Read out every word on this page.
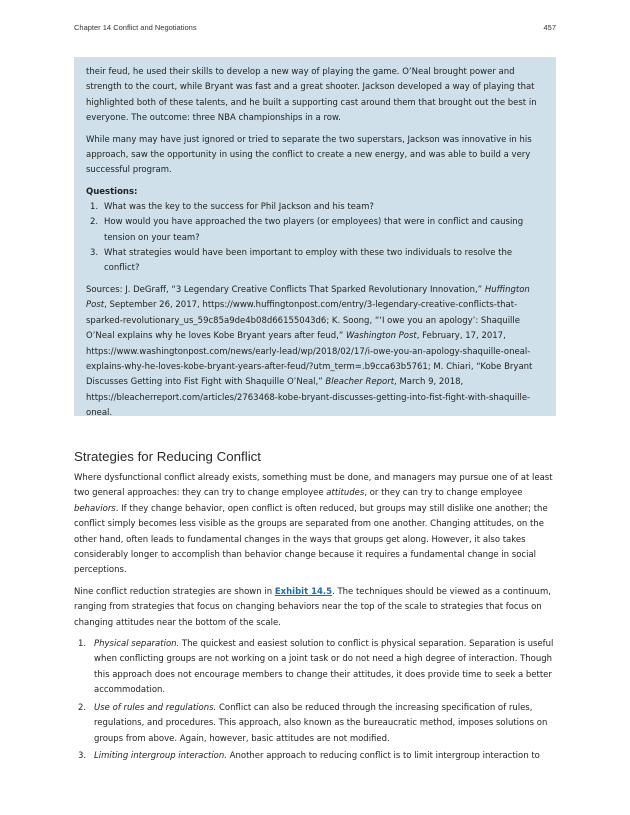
Chapter 14 Conflict and Negotiations	457

their feud, he used their skills to develop a new way of playing the game. O’Neal brought power and strength to the court, while Bryant was fast and a great shooter. Jackson developed a way of playing that highlighted both of these talents, and he built a supporting cast around them that brought out the best in everyone. The outcome: three NBA championships in a row.

While many may have just ignored or tried to separate the two superstars, Jackson was innovative in his approach, saw the opportunity in using the conflict to create a new energy, and was able to build a very successful program.

Questions:
1. What was the key to the success for Phil Jackson and his team?
2. How would you have approached the two players (or employees) that were in conflict and causing tension on your team?
3. What strategies would have been important to employ with these two individuals to resolve the conflict?

Sources: J. DeGraff, “3 Legendary Creative Conflicts That Sparked Revolutionary Innovation,” Huffington Post, September 26, 2017, https://www.huffingtonpost.com/entry/3-legendary-creative-conflicts-that-sparked-revolutionary_us_59c85a9de4b08d66155043d6; K. Soong, “‘I owe you an apology’: Shaquille O’Neal explains why he loves Kobe Bryant years after feud,” Washington Post, February, 17, 2017, https://www.washingtonpost.com/news/early-lead/wp/2018/02/17/i-owe-you-an-apology-shaquille-oneal-explains-why-he-loves-kobe-bryant-years-after-feud/?utm_term=.b9cca63b5761; M. Chiari, “Kobe Bryant Discusses Getting into Fist Fight with Shaquille O’Neal,” Bleacher Report, March 9, 2018, https://bleacherreport.com/articles/2763468-kobe-bryant-discusses-getting-into-fist-fight-with-shaquille-oneal.

Strategies for Reducing Conflict

Where dysfunctional conflict already exists, something must be done, and managers may pursue one of at least two general approaches: they can try to change employee attitudes, or they can try to change employee behaviors. If they change behavior, open conflict is often reduced, but groups may still dislike one another; the conflict simply becomes less visible as the groups are separated from one another. Changing attitudes, on the other hand, often leads to fundamental changes in the ways that groups get along. However, it also takes considerably longer to accomplish than behavior change because it requires a fundamental change in social perceptions.

Nine conflict reduction strategies are shown in Exhibit 14.5. The techniques should be viewed as a continuum, ranging from strategies that focus on changing behaviors near the top of the scale to strategies that focus on changing attitudes near the bottom of the scale.

1. Physical separation. The quickest and easiest solution to conflict is physical separation. Separation is useful when conflicting groups are not working on a joint task or do not need a high degree of interaction. Though this approach does not encourage members to change their attitudes, it does provide time to seek a better accommodation.
2. Use of rules and regulations. Conflict can also be reduced through the increasing specification of rules, regulations, and procedures. This approach, also known as the bureaucratic method, imposes solutions on groups from above. Again, however, basic attitudes are not modified.
3. Limiting intergroup interaction. Another approach to reducing conflict is to limit intergroup interaction to
